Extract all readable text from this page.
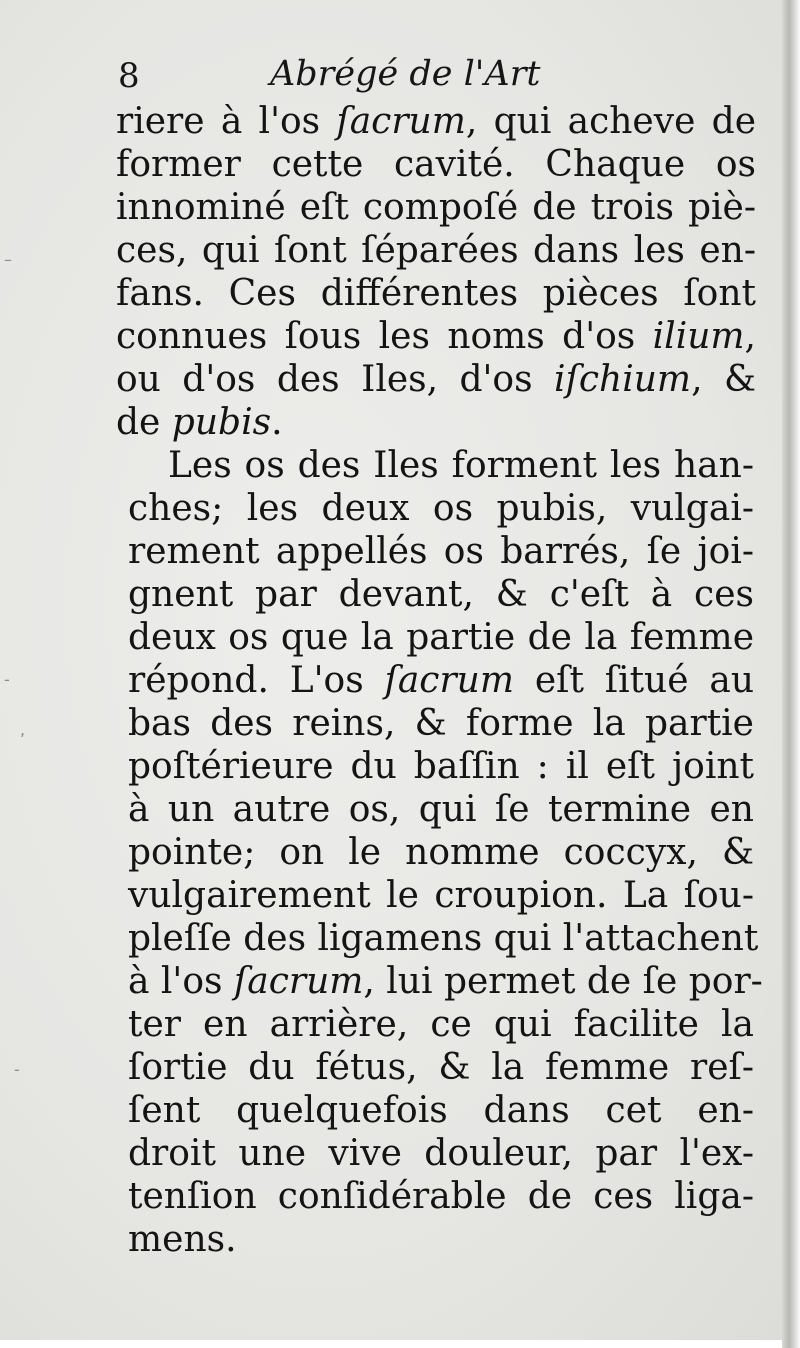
8	Abrégé de l'Art
riere à l'os ſacrum, qui acheve de
former cette cavité. Chaque os
innominé eſt compoſé de trois piè-
ces, qui ſont ſéparées dans les en-
fans. Ces différentes pièces ſont
connues ſous les noms d'os ilium,
ou d'os des Iles, d'os iſchium, &
de pubis.
Les os des Iles forment les han-
ches; les deux os pubis, vulgai-
rement appellés os barrés, ſe joi-
gnent par devant, & c'eſt à ces
deux os que la partie de la femme
répond. L'os ſacrum eſt ſitué au
bas des reins, & forme la partie
poſtérieure du baſſin : il eſt joint
à un autre os, qui ſe termine en
pointe; on le nomme coccyx, &
vulgairement le croupion. La ſou-
pleſſe des ligamens qui l'attachent
à l'os ſacrum, lui permet de ſe por-
ter en arrière, ce qui facilite la
ſortie du fétus, & la femme reſ-
ſent quelquefois dans cet en-
droit une vive douleur, par l'ex-
tenſion conſidérable de ces liga-
mens.
–
-
,
-
